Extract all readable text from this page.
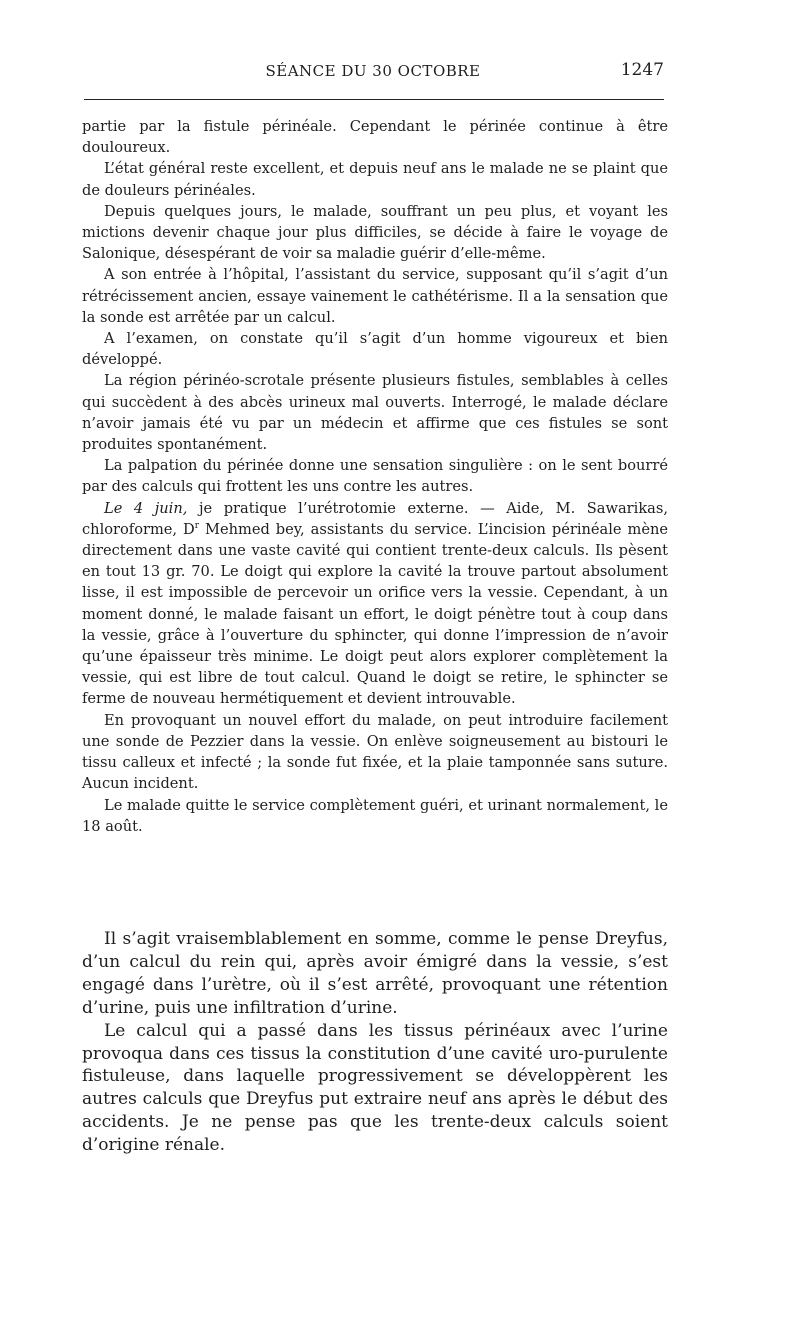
SÉANCE DU 30 OCTOBRE	1247

partie par la fistule périnéale. Cependant le périnée continue à être douloureux.

L’état général reste excellent, et depuis neuf ans le malade ne se plaint que de douleurs périnéales.

Depuis quelques jours, le malade, souffrant un peu plus, et voyant les mictions devenir chaque jour plus difficiles, se décide à faire le voyage de Salonique, désespérant de voir sa maladie guérir d’elle-même.

A son entrée à l’hôpital, l’assistant du service, supposant qu’il s’agit d’un rétrécissement ancien, essaye vainement le cathétérisme. Il a la sensation que la sonde est arrêtée par un calcul.

A l’examen, on constate qu’il s’agit d’un homme vigoureux et bien développé.

La région périnéo-scrotale présente plusieurs fistules, semblables à celles qui succèdent à des abcès urineux mal ouverts. Interrogé, le malade déclare n’avoir jamais été vu par un médecin et affirme que ces fistules se sont produites spontanément.

La palpation du périnée donne une sensation singulière : on le sent bourré par des calculs qui frottent les uns contre les autres.

Le 4 juin, je pratique l’urétrotomie externe. — Aide, M. Sawarikas, chloroforme, $D^r$ Mehmed bey, assistants du service. L’incision périnéale mène directement dans une vaste cavité qui contient trente-deux calculs. Ils pèsent en tout 13 gr. 70. Le doigt qui explore la cavité la trouve partout absolument lisse, il est impossible de percevoir un orifice vers la vessie. Cependant, à un moment donné, le malade faisant un effort, le doigt pénètre tout à coup dans la vessie, grâce à l’ouverture du sphincter, qui donne l’impression de n’avoir qu’une épaisseur très minime. Le doigt peut alors explorer complètement la vessie, qui est libre de tout calcul. Quand le doigt se retire, le sphincter se ferme de nouveau hermétiquement et devient introuvable.

En provoquant un nouvel effort du malade, on peut introduire facilement une sonde de Pezzier dans la vessie. On enlève soigneusement au bistouri le tissu calleux et infecté ; la sonde fut fixée, et la plaie tamponnée sans suture. Aucun incident.

Le malade quitte le service complètement guéri, et urinant normalement, le 18 août.

Il s’agit vraisemblablement en somme, comme le pense Dreyfus, d’un calcul du rein qui, après avoir émigré dans la vessie, s’est engagé dans l’urètre, où il s’est arrêté, provoquant une rétention d’urine, puis une infiltration d’urine.

Le calcul qui a passé dans les tissus périnéaux avec l’urine provoqua dans ces tissus la constitution d’une cavité uro-purulente fistuleuse, dans laquelle progressivement se développèrent les autres calculs que Dreyfus put extraire neuf ans après le début des accidents. Je ne pense pas que les trente-deux calculs soient d’origine rénale.
